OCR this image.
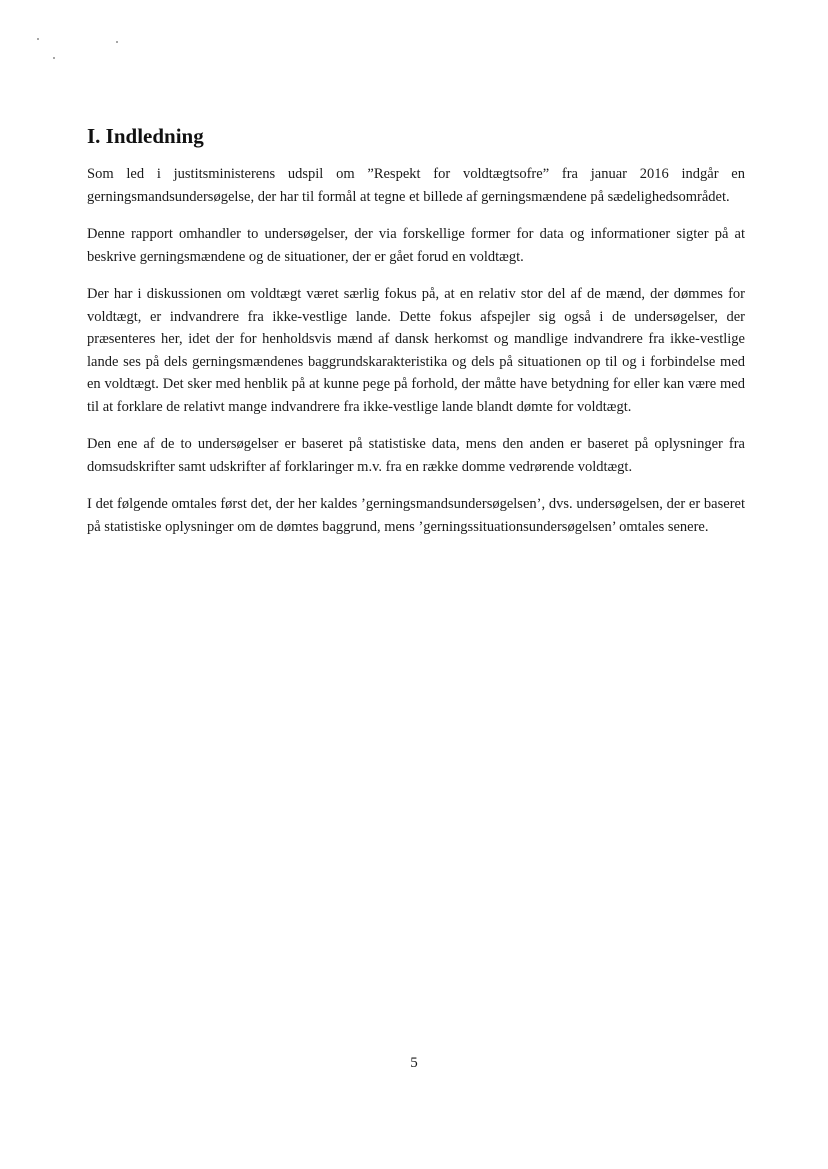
I. Indledning

Som led i justitsministerens udspil om ”Respekt for voldtægtsofre” fra januar 2016 indgår en gerningsmandsundersøgelse, der har til formål at tegne et billede af gerningsmændene på sædelighedsområdet.

Denne rapport omhandler to undersøgelser, der via forskellige former for data og informationer sigter på at beskrive gerningsmændene og de situationer, der er gået forud en voldtægt.

Der har i diskussionen om voldtægt været særlig fokus på, at en relativ stor del af de mænd, der dømmes for voldtægt, er indvandrere fra ikke-vestlige lande. Dette fokus afspejler sig også i de undersøgelser, der præsenteres her, idet der for henholdsvis mænd af dansk herkomst og mandlige indvandrere fra ikke-vestlige lande ses på dels gerningsmændenes baggrundskarakteristika og dels på situationen op til og i forbindelse med en voldtægt. Det sker med henblik på at kunne pege på forhold, der måtte have betydning for eller kan være med til at forklare de relativt mange indvandrere fra ikke-vestlige lande blandt dømte for voldtægt.

Den ene af de to undersøgelser er baseret på statistiske data, mens den anden er baseret på oplysninger fra domsudskrifter samt udskrifter af forklaringer m.v. fra en række domme vedrørende voldtægt.

I det følgende omtales først det, der her kaldes ’gerningsmandsundersøgelsen’, dvs. undersøgelsen, der er baseret på statistiske oplysninger om de dømtes baggrund, mens ’gerningssituationsundersøgelsen’ omtales senere.

5
